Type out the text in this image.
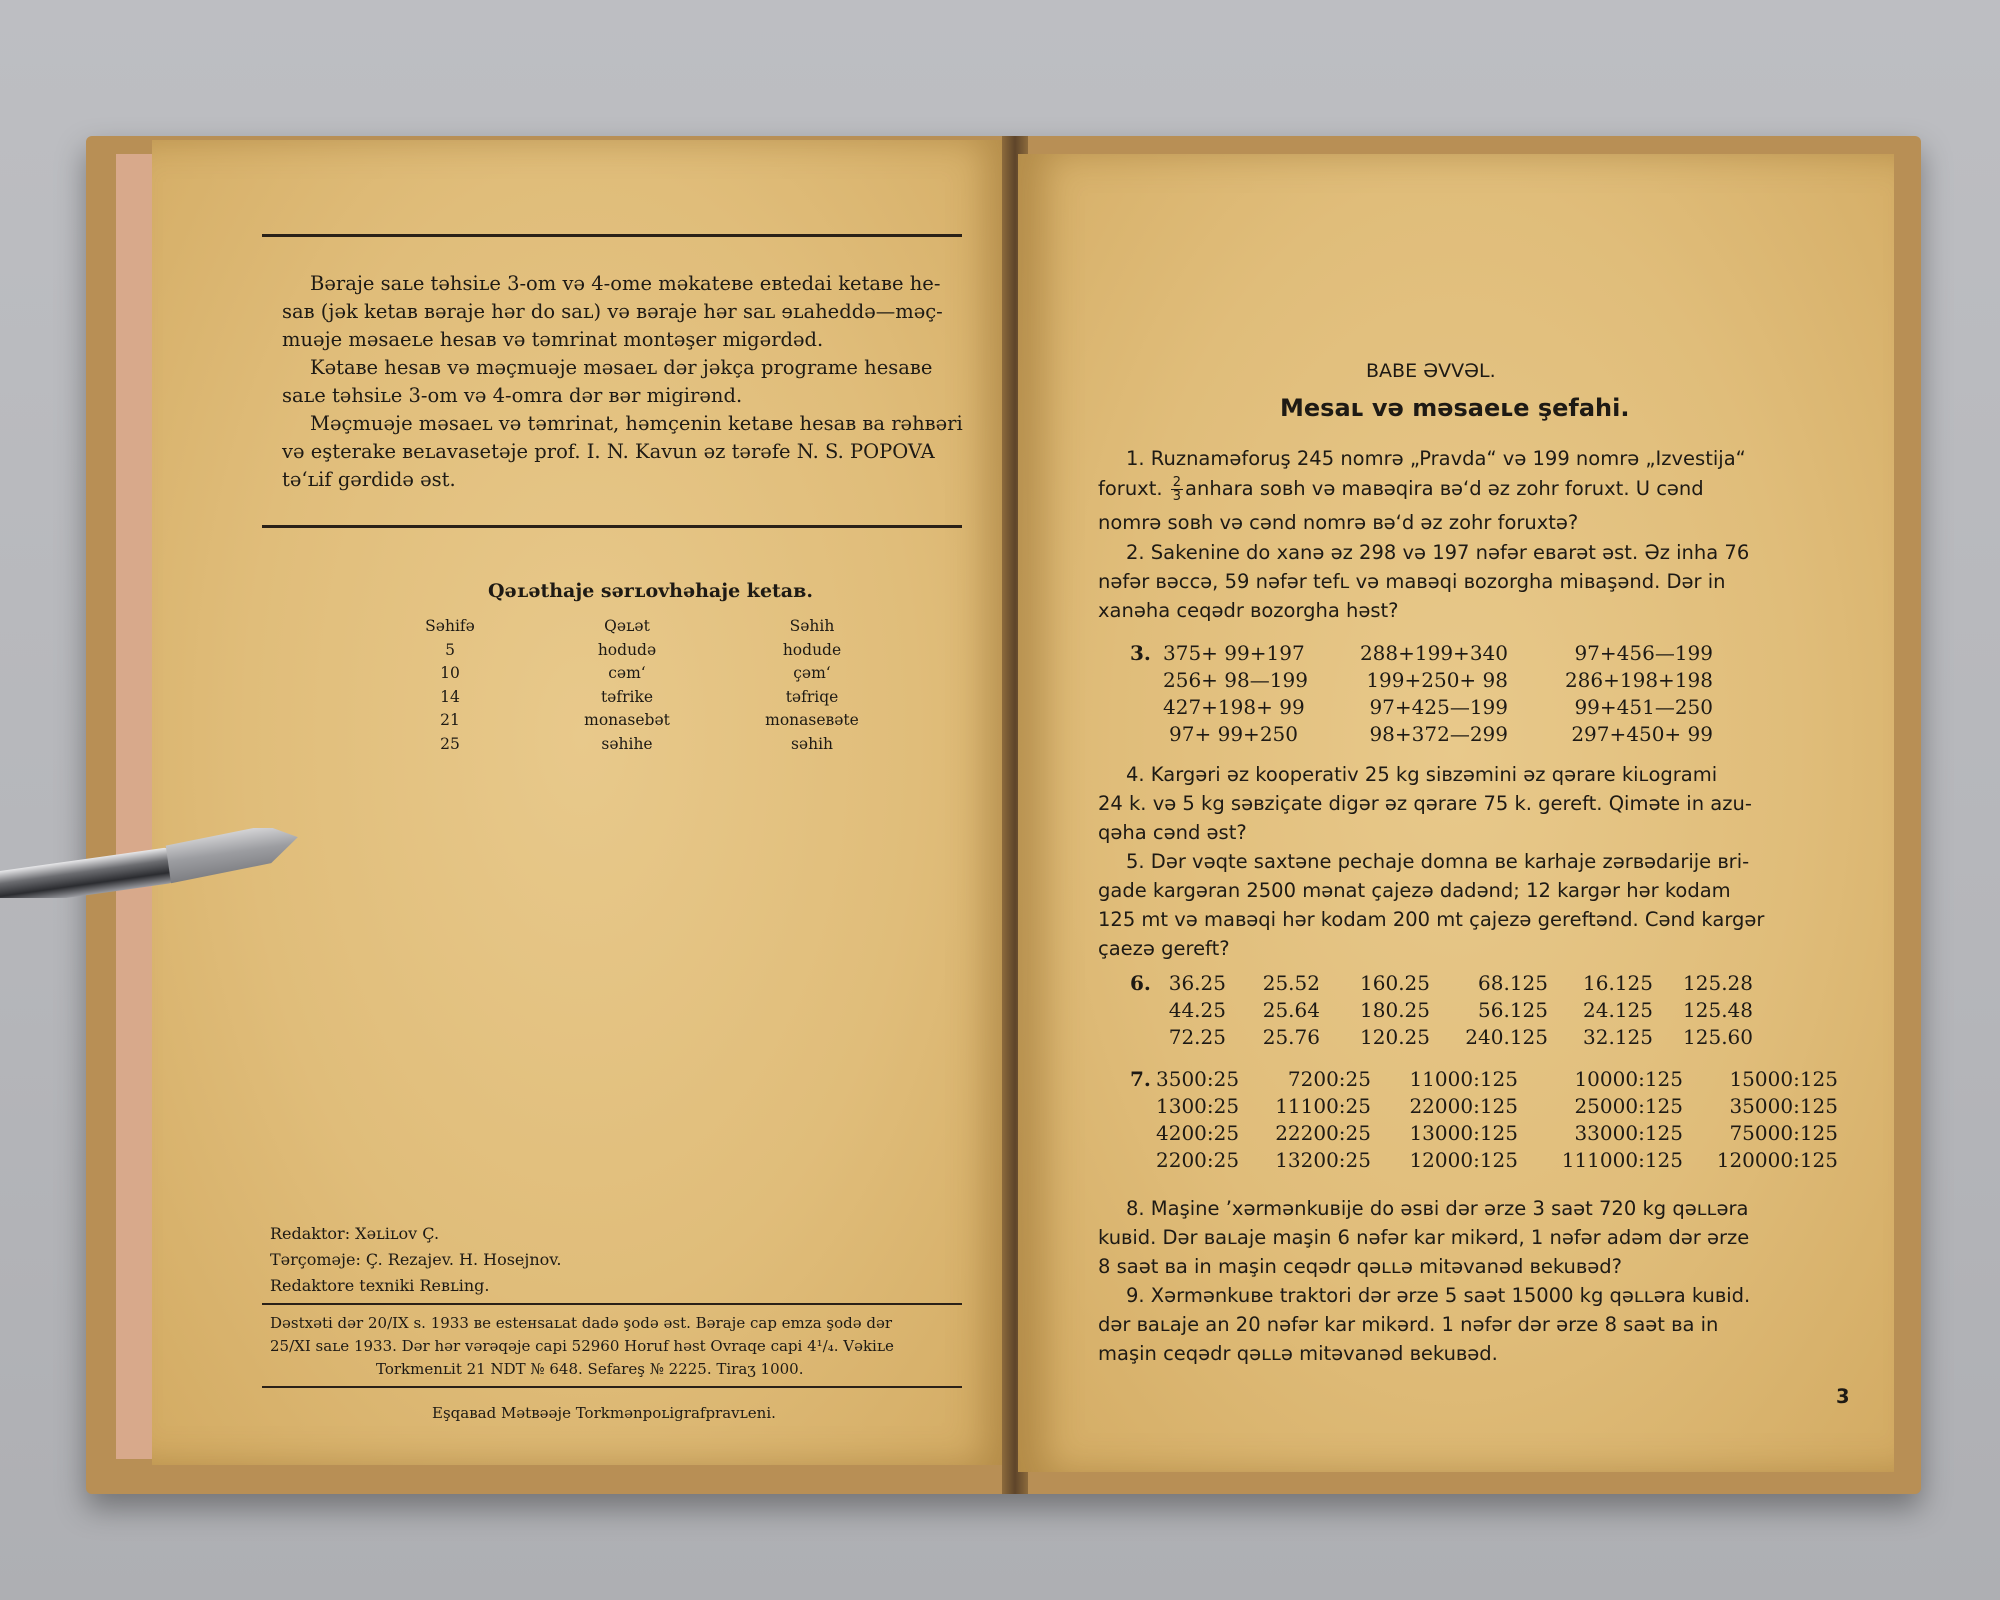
Bəraje saʟe təhsiʟe 3-om və 4-ome məkateʙe eʙtedai ketaʙe he-
saʙ (jək ketaʙ ʙəraje hər do saʟ) və ʙəraje hər saʟ ɘʟaheddə—məç-
muəje məsaeʟe hesaʙ və təmrinat montəşer migərdəd.
Kətaʙe hesaʙ və məçmuəje məsaeʟ dər jəkça programe hesaʙe
saʟe təhsiʟe 3-om və 4-omra dər ʙər migirənd.
Məçmuəje məsaeʟ və təmrinat, həmçenin ketaʙe hesaʙ ʙa rəhʙəri
və eşterake ʙeʟavasetəje prof. I. N. Kavun əz tərəfe N. S. POPOVA
tə‘ʟif gərdidə əst.
Qəʟəthaje sərʟovhəhaje ketaʙ.
Səhifə
5
10
14
21
25
Qəʟət
hodudə
cəm‘
təfrike
monasebət
səhihe
Səhih
hodude
çəm‘
təfriqe
monaseʙəte
səhih
Redaktor: Xəʟiʟov Ç.
Tərçoməje: Ç. Rezajev. H. Hosejnov.
Redaktore texniki Reʙʟing.
Dəstxəti dər 20/IX s. 1933 ʙe esteʜsaʟat dadə şodə əst. Bəraje cap emza şodə dər
25/XI saʟe 1933. Dər hər vərəqəje capi 52960 Horuf həst Ovraqe capi 4¹/₄. Vəkiʟe
Torkmenʟit 21 NDT № 648. Sefareş № 2225. Tiraʒ 1000.
Eşqaʙad Mətʙəəje Torkmənpoʟigrafpravʟeni.
BABE ƏVVƏL.
Mesaʟ və məsaeʟe şefahi.
1. Ruznaməforuş 245 nomrə „Pravda“ və 199 nomrə „Izvestija“
foruxt. $\frac{2}{3}$ anhara soʙh və maʙəqira ʙə‘d əz zohr foruxt. U cənd
nomrə soʙh və cənd nomrə ʙə‘d əz zohr foruxtə?
2. Sakenine do xanə əz 298 və 197 nəfər eʙarət əst. Əz inha 76
nəfər ʙəccə, 59 nəfər tefʟ və maʙəqi ʙozorgha miʙaşənd. Dər in
xanəha ceqədr ʙozorgha həst?
3. 375+ 99+197
256+ 98—199
427+198+ 99
97+ 99+250
288+199+340
199+250+ 98
97+425—199
98+372—299
97+456—199
286+198+198
99+451—250
297+450+ 99
4. Kargəri əz kooperativ 25 kg siʙzəmini əz qərare kiʟogrami
24 k. və 5 kg səʙziçate digər əz qərare 75 k. gereft. Qiməte in azu-
qəha cənd əst?
5. Dər vəqte saxtəne pechaje domna ʙe karhaje zərʙədarije ʙri-
gade kargəran 2500 mənat çajezə dadənd; 12 kargər hər kodam
125 mt və maʙəqi hər kodam 200 mt çajezə gereftənd. Cənd kargər
çaezə gereft?
6. 36.25
44.25
72.25
25.52
25.64
25.76
160.25
180.25
120.25
68.125
56.125
240.125
16.125
24.125
32.125
125.28
125.48
125.60
7. 3500:25
1300:25
4200:25
2200:25
7200:25
11100:25
22200:25
13200:25
11000:125
22000:125
13000:125
12000:125
10000:125
25000:125
33000:125
111000:125
15000:125
35000:125
75000:125
120000:125
8. Maşine ʼxərmənkuʙije do əsʙi dər ərze 3 saət 720 kg qəʟʟəra
kuʙid. Dər ʙaʟaje maşin 6 nəfər kar mikərd, 1 nəfər adəm dər ərze
8 saət ʙa in maşin ceqədr qəʟʟə mitəvanəd ʙekuʙəd?
9. Xərmənkuʙe traktori dər ərze 5 saət 15000 kg qəʟʟəra kuʙid.
dər ʙaʟaje an 20 nəfər kar mikərd. 1 nəfər dər ərze 8 saət ʙa in
maşin ceqədr qəʟʟə mitəvanəd ʙekuʙəd.
3
